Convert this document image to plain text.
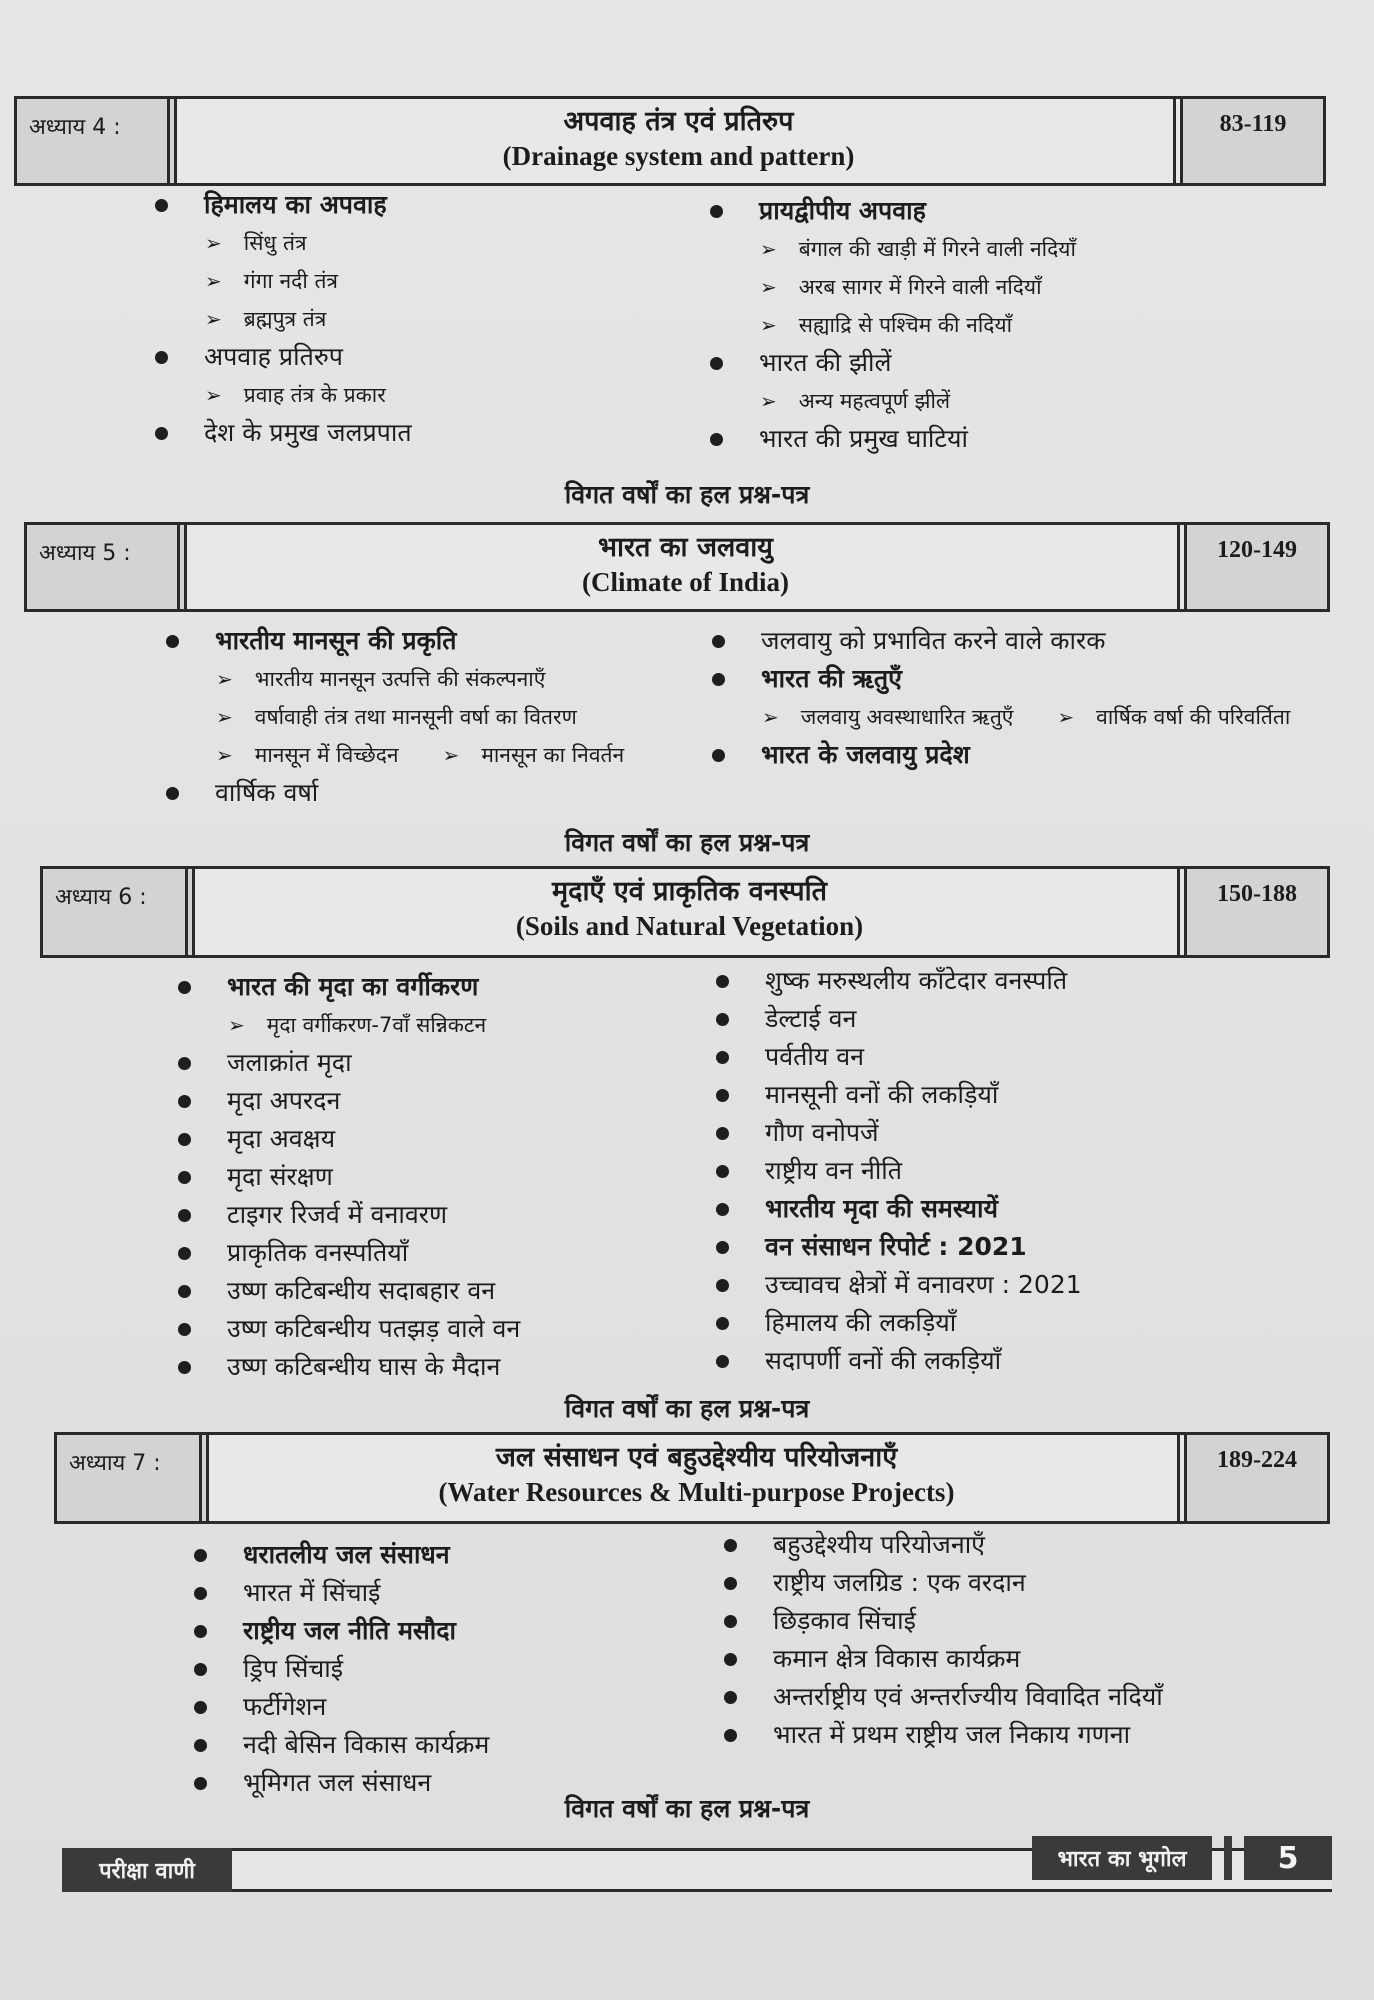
अध्याय 4 :	अपवाह तंत्र एवं प्रतिरुप
(Drainage system and pattern)
83-119
हिमालय का अपवाह
➢ सिंधु तंत्र
➢ गंगा नदी तंत्र
➢ ब्रह्मपुत्र तंत्र
अपवाह प्रतिरुप
➢ प्रवाह तंत्र के प्रकार
देश के प्रमुख जलप्रपात
प्रायद्वीपीय अपवाह
➢ बंगाल की खाड़ी में गिरने वाली नदियाँ
➢ अरब सागर में गिरने वाली नदियाँ
➢ सह्याद्रि से पश्चिम की नदियाँ
भारत की झीलें
➢ अन्य महत्वपूर्ण झीलें
भारत की प्रमुख घाटियां
विगत वर्षों का हल प्रश्न-पत्र
अध्याय 5 :	भारत का जलवायु
(Climate of India)
120-149
भारतीय मानसून की प्रकृति
➢ भारतीय मानसून उत्पत्ति की संकल्पनाएँ
➢ वर्षावाही तंत्र तथा मानसूनी वर्षा का वितरण
➢ मानसून में विच्छेदन ➢ मानसून का निवर्तन
वार्षिक वर्षा
जलवायु को प्रभावित करने वाले कारक
भारत की ऋतुएँ
➢ जलवायु अवस्थाधारित ऋतुएँ ➢ वार्षिक वर्षा की परिवर्तिता
भारत के जलवायु प्रदेश
विगत वर्षों का हल प्रश्न-पत्र
अध्याय 6 :	मृदाएँ एवं प्राकृतिक वनस्पति
(Soils and Natural Vegetation)
150-188
भारत की मृदा का वर्गीकरण
➢ मृदा वर्गीकरण-7वाँ सन्निकटन
जलाक्रांत मृदा
मृदा अपरदन
मृदा अवक्षय
मृदा संरक्षण
टाइगर रिजर्व में वनावरण
प्राकृतिक वनस्पतियाँ
उष्ण कटिबन्धीय सदाबहार वन
उष्ण कटिबन्धीय पतझड़ वाले वन
उष्ण कटिबन्धीय घास के मैदान
शुष्क मरुस्थलीय काँटेदार वनस्पति
डेल्टाई वन
पर्वतीय वन
मानसूनी वनों की लकड़ियाँ
गौण वनोपजें
राष्ट्रीय वन नीति
भारतीय मृदा की समस्यायें
वन संसाधन रिपोर्ट : 2021
उच्चावच क्षेत्रों में वनावरण : 2021
हिमालय की लकड़ियाँ
सदापर्णी वनों की लकड़ियाँ
विगत वर्षों का हल प्रश्न-पत्र
अध्याय 7 :	जल संसाधन एवं बहुउद्देश्यीय परियोजनाएँ
(Water Resources & Multi-purpose Projects)
189-224
धरातलीय जल संसाधन
भारत में सिंचाई
राष्ट्रीय जल नीति मसौदा
ड्रिप सिंचाई
फर्टीगेशन
नदी बेसिन विकास कार्यक्रम
भूमिगत जल संसाधन
बहुउद्देश्यीय परियोजनाएँ
राष्ट्रीय जलग्रिड : एक वरदान
छिड़काव सिंचाई
कमान क्षेत्र विकास कार्यक्रम
अन्तर्राष्ट्रीय एवं अन्तर्राज्यीय विवादित नदियाँ
भारत में प्रथम राष्ट्रीय जल निकाय गणना
विगत वर्षों का हल प्रश्न-पत्र
परीक्षा वाणी	भारत का भूगोल	5
